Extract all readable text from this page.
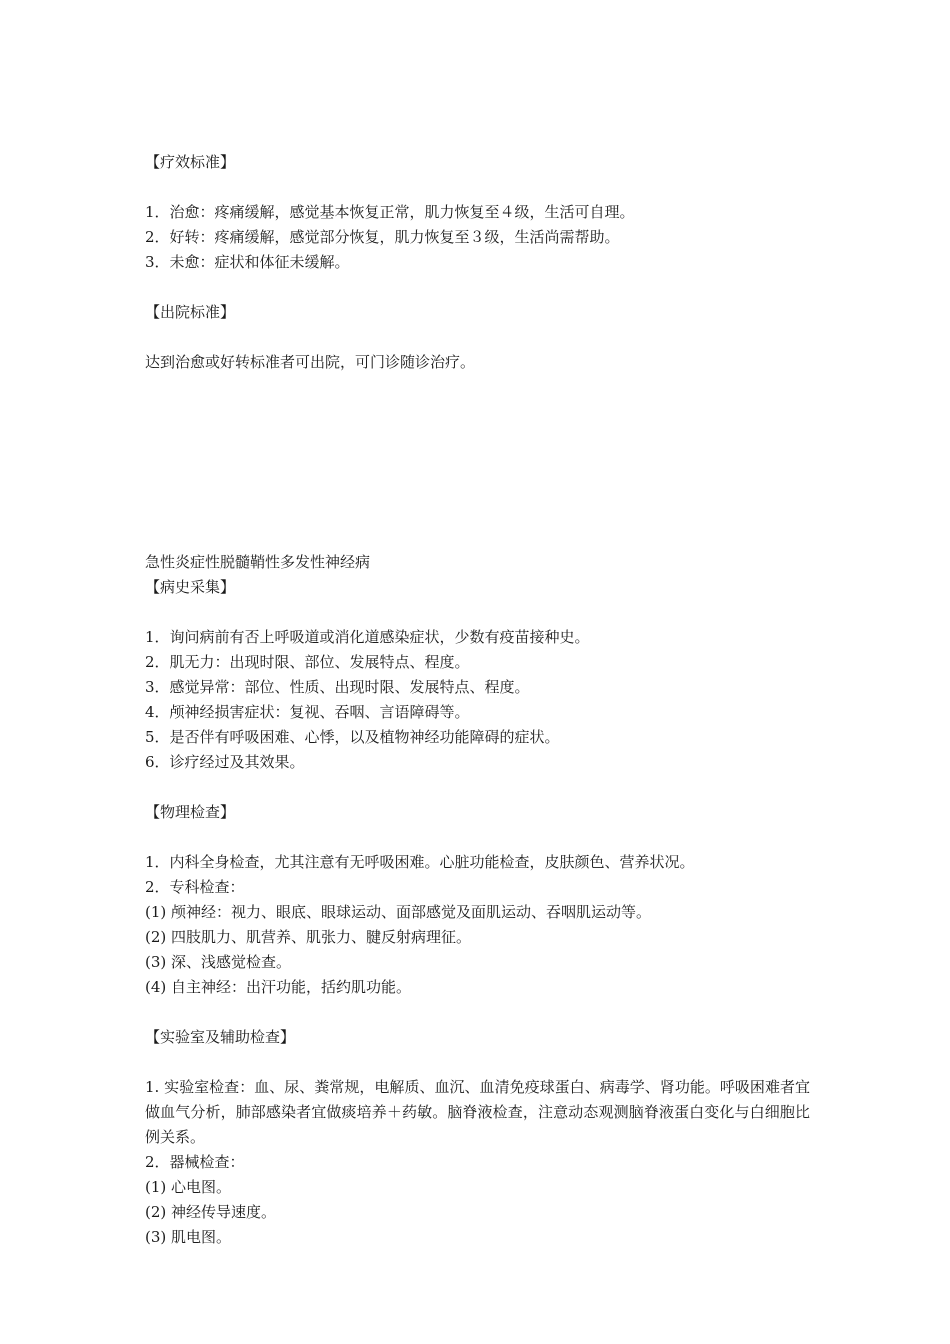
【疗效标准】
1．治愈：疼痛缓解，感觉基本恢复正常，肌力恢复至４级，生活可自理。
2．好转：疼痛缓解，感觉部分恢复，肌力恢复至３级，生活尚需帮助。
3．未愈：症状和体征未缓解。
【出院标准】
达到治愈或好转标准者可出院，可门诊随诊治疗。
急性炎症性脱髓鞘性多发性神经病
【病史采集】
1．询问病前有否上呼吸道或消化道感染症状，少数有疫苗接种史。
2．肌无力：出现时限、部位、发展特点、程度。
3．感觉异常：部位、性质、出现时限、发展特点、程度。
4．颅神经损害症状：复视、吞咽、言语障碍等。
5．是否伴有呼吸困难、心悸，以及植物神经功能障碍的症状。
6．诊疗经过及其效果。
【物理检查】
1．内科全身检查，尤其注意有无呼吸困难。心脏功能检查，皮肤颜色、营养状况。
2．专科检查：
(1) 颅神经：视力、眼底、眼球运动、面部感觉及面肌运动、吞咽肌运动等。
(2) 四肢肌力、肌营养、肌张力、腱反射病理征。
(3) 深、浅感觉检查。
(4) 自主神经：出汗功能，括约肌功能。
【实验室及辅助检查】
1. 实验室检查：血、尿、粪常规，电解质、血沉、血清免疫球蛋白、病毒学、肾功能。呼吸困难者宜做血气分析，肺部感染者宜做痰培养＋药敏。脑脊液检查，注意动态观测脑脊液蛋白变化与白细胞比例关系。
2．器械检查：
(1) 心电图。
(2) 神经传导速度。
(3) 肌电图。
